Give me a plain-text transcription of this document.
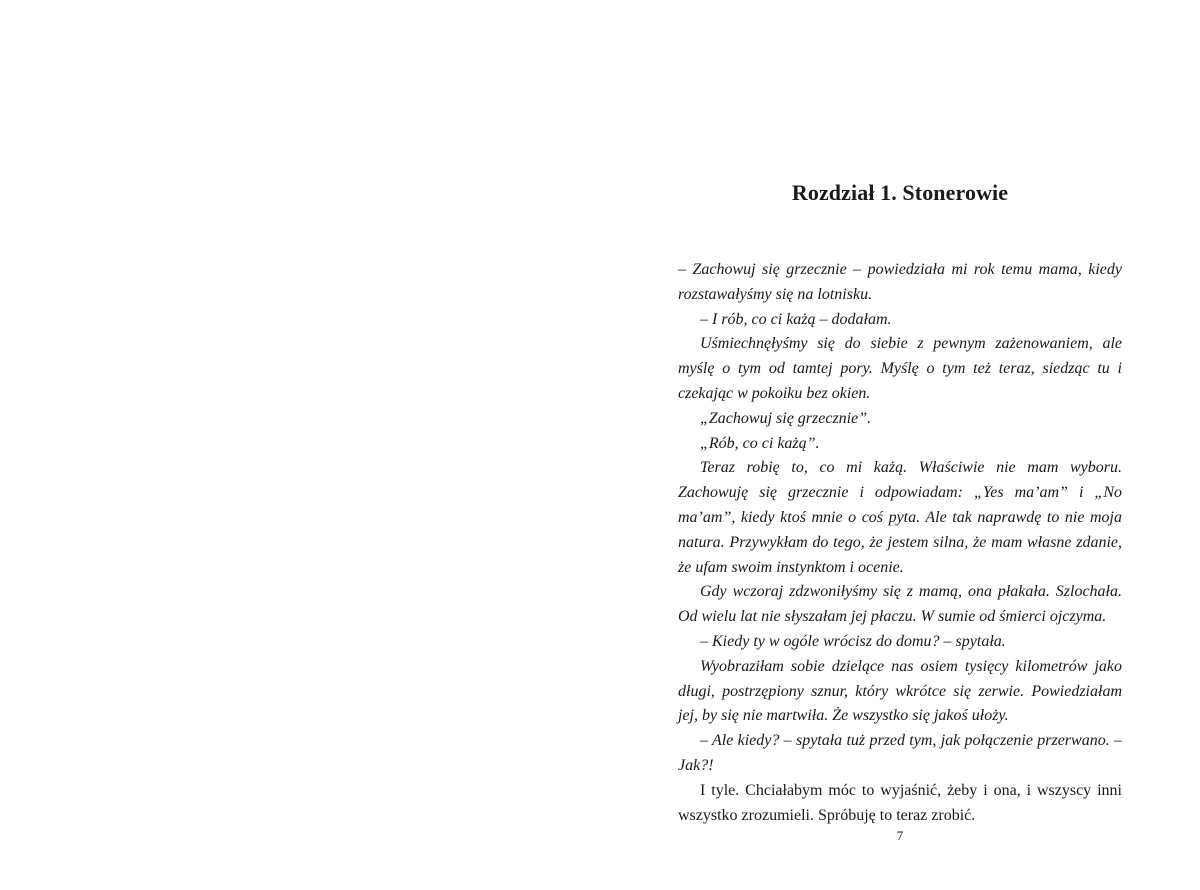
Rozdział 1. Stonerowie

– Zachowuj się grzecznie – powiedziała mi rok temu mama, kiedy rozstawałyśmy się na lotnisku.

– I rób, co ci każą – dodałam.

Uśmiechnęłyśmy się do siebie z pewnym zażenowaniem, ale myślę o tym od tamtej pory. Myślę o tym też teraz, siedząc tu i czekając w pokoiku bez okien.

„Zachowuj się grzecznie”.

„Rób, co ci każą”.

Teraz robię to, co mi każą. Właściwie nie mam wyboru. Zachowuję się grzecznie i odpowiadam: „Yes ma’am” i „No ma’am”, kiedy ktoś mnie o coś pyta. Ale tak naprawdę to nie moja natura. Przywykłam do tego, że jestem silna, że mam własne zdanie, że ufam swoim instynktom i ocenie.

Gdy wczoraj zdzwoniłyśmy się z mamą, ona płakała. Szlochała. Od wielu lat nie słyszałam jej płaczu. W sumie od śmierci ojczyma.

– Kiedy ty w ogóle wrócisz do domu? – spytała.

Wyobraziłam sobie dzielące nas osiem tysięcy kilometrów jako długi, postrzępiony sznur, który wkrótce się zerwie. Powiedziałam jej, by się nie martwiła. Że wszystko się jakoś ułoży.

– Ale kiedy? – spytała tuż przed tym, jak połączenie przerwano. – Jak?!

I tyle. Chciałabym móc to wyjaśnić, żeby i ona, i wszyscy inni wszystko zrozumieli. Spróbuję to teraz zrobić.

7
